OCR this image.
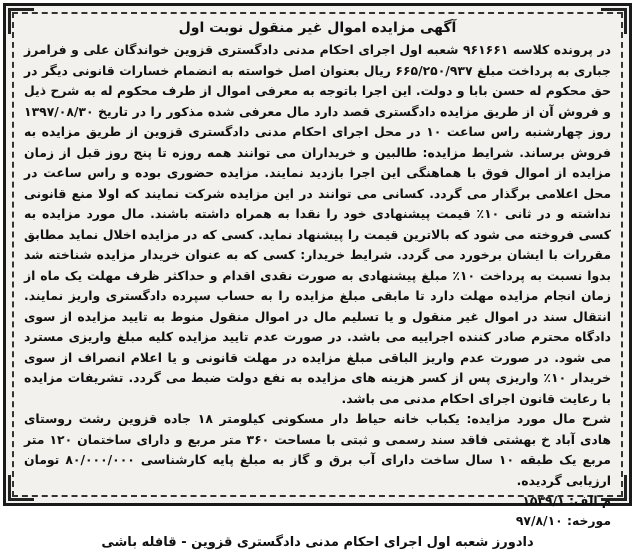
آگهی مزایده اموال غیر منقول نوبت اول

در پرونده کلاسه ۹۶۱۶۶۱ شعبه اول اجرای احکام مدنی دادگستری قزوین خواندگان علی و فرامرز جباری به پرداخت مبلغ ۶۶۵/۲۵۰/۹۳۷ ریال بعنوان اصل خواسته به انضمام خسارات قانونی دیگر در حق محکوم له حسن بابا و دولت. این اجرا باتوجه به معرفی اموال از طرف محکوم له به شرح ذیل و فروش آن از طریق مزایده دادگستری قصد دارد مال معرفی شده مذکور را در تاریخ ۱۳۹۷/۰۸/۳۰ روز چهارشنبه راس ساعت ۱۰ در محل اجرای احکام مدنی دادگستری قزوین از طریق مزایده به فروش برساند. شرایط مزایده: طالبین و خریداران می توانند همه روزه تا پنج روز قبل از زمان مزایده از اموال فوق با هماهنگی این اجرا بازدید نمایند. مزایده حضوری بوده و راس ساعت در محل اعلامی برگذار می گردد. کسانی می توانند در این مزایده شرکت نمایند که اولا منع قانونی نداشته و در ثانی ۱۰٪ قیمت پیشنهادی خود را نقدا به همراه داشته باشند. مال مورد مزایده به کسی فروخته می شود که بالاترین قیمت را پیشنهاد نماید. کسی که در مزایده اخلال نماید مطابق مقررات با ایشان برخورد می گردد. شرایط خریدار: کسی که به عنوان خریدار مزایده شناخته شد بدوا نسبت به پرداخت ۱۰٪ مبلغ پیشنهادی به صورت نقدی اقدام و حداکثر ظرف مهلت یک ماه از زمان انجام مزایده مهلت دارد تا مابقی مبلغ مزایده را به حساب سپرده دادگستری واریز نمایند. انتقال سند در اموال غیر منقول و یا تسلیم مال در اموال منقول منوط به تایید مزایده از سوی دادگاه محترم صادر کننده اجراییه می باشد. در صورت عدم تایید مزایده کلیه مبلغ واریزی مسترد می شود. در صورت عدم واریز الباقی مبلغ مزایده در مهلت قانونی و یا اعلام انصراف از سوی خریدار ۱۰٪ واریزی پس از کسر هزینه های مزایده به نفع دولت ضبط می گردد. تشریفات مزایده با رعایت قانون اجرای احکام مدنی می باشد.

شرح مال مورد مزایده: یکباب خانه حیاط دار مسکونی کیلومتر ۱۸ جاده قزوین رشت روستای هادی آباد خ بهشتی فاقد سند رسمی و ثبتی با مساحت ۳۶۰ متر مربع و دارای ساختمان ۱۲۰ متر مربع یک طبقه ۱۰ سال ساخت دارای آب برق و گاز به مبلغ پایه کارشناسی ۸۰/۰۰۰/۰۰۰ تومان ارزیابی گردیده.

م الف: ۱۵۳۹/۱

مورخه: ۹۷/۸/۱۰

دادورز شعبه اول اجرای احکام مدنی دادگستری قزوین - قافله باشی
